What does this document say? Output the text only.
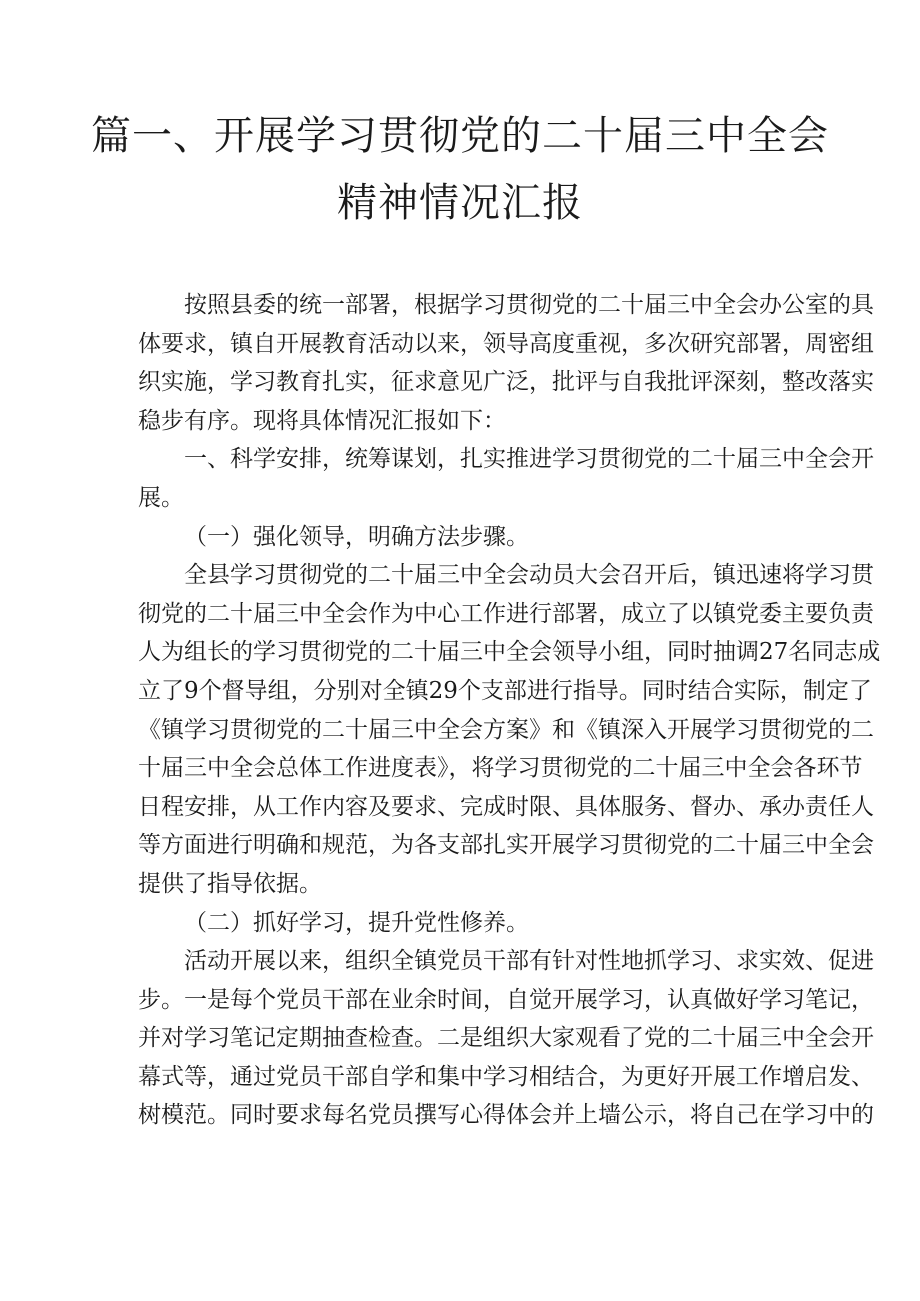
篇一、开展学习贯彻党的二十届三中全会
精神情况汇报
按照县委的统一部署，根据学习贯彻党的二十届三中全会办公室的具
体要求，镇自开展教育活动以来，领导高度重视，多次研究部署，周密组
织实施，学习教育扎实，征求意见广泛，批评与自我批评深刻，整改落实
稳步有序。现将具体情况汇报如下：
一、科学安排，统筹谋划，扎实推进学习贯彻党的二十届三中全会开
展。
（一）强化领导，明确方法步骤。
全县学习贯彻党的二十届三中全会动员大会召开后，镇迅速将学习贯
彻党的二十届三中全会作为中心工作进行部署，成立了以镇党委主要负责
人为组长的学习贯彻党的二十届三中全会领导小组，同时抽调27名同志成
立了9个督导组，分别对全镇29个支部进行指导。同时结合实际，制定了
《镇学习贯彻党的二十届三中全会方案》和《镇深入开展学习贯彻党的二
十届三中全会总体工作进度表》，将学习贯彻党的二十届三中全会各环节
日程安排，从工作内容及要求、完成时限、具体服务、督办、承办责任人
等方面进行明确和规范，为各支部扎实开展学习贯彻党的二十届三中全会
提供了指导依据。
（二）抓好学习，提升党性修养。
活动开展以来，组织全镇党员干部有针对性地抓学习、求实效、促进
步。一是每个党员干部在业余时间，自觉开展学习，认真做好学习笔记，
并对学习笔记定期抽查检查。二是组织大家观看了党的二十届三中全会开
幕式等，通过党员干部自学和集中学习相结合，为更好开展工作增启发、
树模范。同时要求每名党员撰写心得体会并上墙公示，将自己在学习中的
